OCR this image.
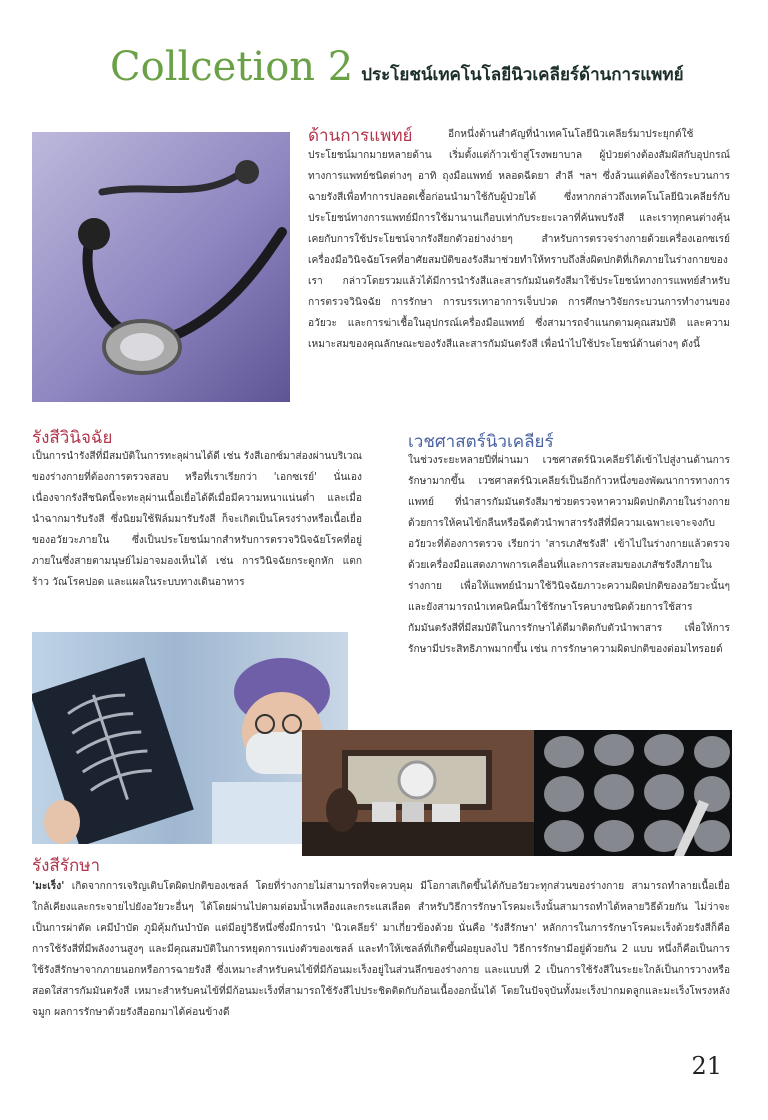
Collcetion 2 ประโยชน์เทคโนโลยีนิวเคลียร์ด้านการแพทย์
ด้านการแพทย์	อีกหนึ่งด้านสำคัญที่นำเทคโนโลยีนิวเคลียร์มาประยุกต์ใช้ประโยชน์มากมายหลายด้าน เริ่มตั้งแต่ก้าวเข้าสู่โรงพยาบาล ผู้ป่วยต่างต้องสัมผัสกับอุปกรณ์ทางการแพทย์ชนิดต่างๆ อาทิ ถุงมือแพทย์ หลอดฉีดยา สำลี ฯลฯ ซึ่งล้วนแต่ต้องใช้กระบวนการฉายรังสีเพื่อทำการปลอดเชื้อก่อนนำมาใช้กับผู้ป่วยได้ ซึ่งหากกล่าวถึงเทคโนโลยีนิวเคลียร์กับประโยชน์ทางการแพทย์มีการใช้มานานเกือบเท่ากับระยะเวลาที่ค้นพบรังสี และเราทุกคนต่างคุ้นเคยกับการใช้ประโยชน์จากรังสียกตัวอย่างง่ายๆ สำหรับการตรวจร่างกายด้วยเครื่องเอกซเรย์ เครื่องมือวินิจฉัยโรคที่อาศัยสมบัติของรังสีมาช่วยทำให้ทราบถึงสิ่งผิดปกติที่เกิดภายในร่างกายของเรา กล่าวโดยรวมแล้วได้มีการนำรังสีและสารกัมมันตรังสีมาใช้ประโยชน์ทางการแพทย์สำหรับการตรวจวินิจฉัย การรักษา การบรรเทาอาการเจ็บปวด การศึกษาวิจัยกระบวนการทำงานของอวัยวะ และการฆ่าเชื้อในอุปกรณ์เครื่องมือแพทย์ ซึ่งสามารถจำแนกตามคุณสมบัติ และความเหมาะสมของคุณลักษณะของรังสีและสารกัมมันตรังสี เพื่อนำไปใช้ประโยชน์ด้านต่างๆ ดังนี้
รังสีวินิจฉัย
เป็นการนำรังสีที่มีสมบัติในการทะลุผ่านได้ดี เช่น รังสีเอกซ์มาส่องผ่านบริเวณของร่างกายที่ต้องการตรวจสอบ หรือที่เราเรียกว่า 'เอกซเรย์' นั่นเอง เนื่องจากรังสีชนิดนี้จะทะลุผ่านเนื้อเยื่อได้ดีเมื่อมีความหนาแน่นต่ำ และเมื่อนำฉากมารับรังสี ซึ่งนิยมใช้ฟิล์มมารับรังสี ก็จะเกิดเป็นโครงร่างหรือเนื้อเยื่อของอวัยวะภายใน ซึ่งเป็นประโยชน์มากสำหรับการตรวจวินิจฉัยโรคที่อยู่ภายในซึ่งสายตามนุษย์ไม่อาจมองเห็นได้ เช่น การวินิจฉัยกระดูกหัก แตก ร้าว วัณโรคปอด และแผลในระบบทางเดินอาหาร
เวชศาสตร์นิวเคลียร์
ในช่วงระยะหลายปีที่ผ่านมา เวชศาสตร์นิวเคลียร์ได้เข้าไปสู่งานด้านการรักษามากขึ้น เวชศาสตร์นิวเคลียร์เป็นอีกก้าวหนึ่งของพัฒนาการทางการแพทย์ ที่นำสารกัมมันตรังสีมาช่วยตรวจหาความผิดปกติภายในร่างกาย ด้วยการให้คนไข้กลืนหรือฉีดตัวนำพาสารรังสีที่มีความเฉพาะเจาะจงกับอวัยวะที่ต้องการตรวจ เรียกว่า 'สารเภสัชรังสี' เข้าไปในร่างกายแล้วตรวจด้วยเครื่องมือแสดงภาพการเคลื่อนที่และการสะสมของเภสัชรังสีภายในร่างกาย เพื่อให้แพทย์นำมาใช้วินิจฉัยภาวะความผิดปกติของอวัยวะนั้นๆ และยังสามารถนำเทคนิคนี้มาใช้รักษาโรคบางชนิดด้วยการใช้สารกัมมันตรังสีที่มีสมบัติในการรักษาได้ดีมาติดกับตัวนำพาสาร เพื่อให้การรักษามีประสิทธิภาพมากขึ้น เช่น การรักษาความผิดปกติของต่อมไทรอยด์
รังสีรักษา
'มะเร็ง' เกิดจากการเจริญเติบโตผิดปกติของเซลล์ โดยที่ร่างกายไม่สามารถที่จะควบคุม มีโอกาสเกิดขึ้นได้กับอวัยวะทุกส่วนของร่างกาย สามารถทำลายเนื้อเยื่อใกล้เคียงและกระจายไปยังอวัยวะอื่นๆ ได้โดยผ่านไปตามต่อมน้ำเหลืองและกระแสเลือด สำหรับวิธีการรักษาโรคมะเร็งนั้นสามารถทำได้หลายวิธีด้วยกัน ไม่ว่าจะเป็นการผ่าตัด เคมีบำบัด ภูมิคุ้มกันบำบัด แต่มีอยู่วิธีหนึ่งซึ่งมีการนำ 'นิวเคลียร์' มาเกี่ยวข้องด้วย นั่นคือ 'รังสีรักษา' หลักการในการรักษาโรคมะเร็งด้วยรังสีก็คือ การใช้รังสีที่มีพลังงานสูงๆ และมีคุณสมบัติในการหยุดการแบ่งตัวของเซลล์ และทำให้เซลล์ที่เกิดขึ้นฝ่อยุบลงไป วิธีการรักษามีอยู่ด้วยกัน 2 แบบ หนึ่งก็คือเป็นการใช้รังสีรักษาจากภายนอกหรือการฉายรังสี ซึ่งเหมาะสำหรับคนไข้ที่มีก้อนมะเร็งอยู่ในส่วนลึกของร่างกาย และแบบที่ 2 เป็นการใช้รังสีในระยะใกล้เป็นการวางหรือสอดใส่สารกัมมันตรังสี เหมาะสำหรับคนไข้ที่มีก้อนมะเร็งที่สามารถใช้รังสีไปประชิดติดกับก้อนเนื้องอกนั้นได้ โดยในปัจจุบันทั้งมะเร็งปากมดลูกและมะเร็งโพรงหลังจมูก ผลการรักษาด้วยรังสีออกมาได้ค่อนข้างดี
21
